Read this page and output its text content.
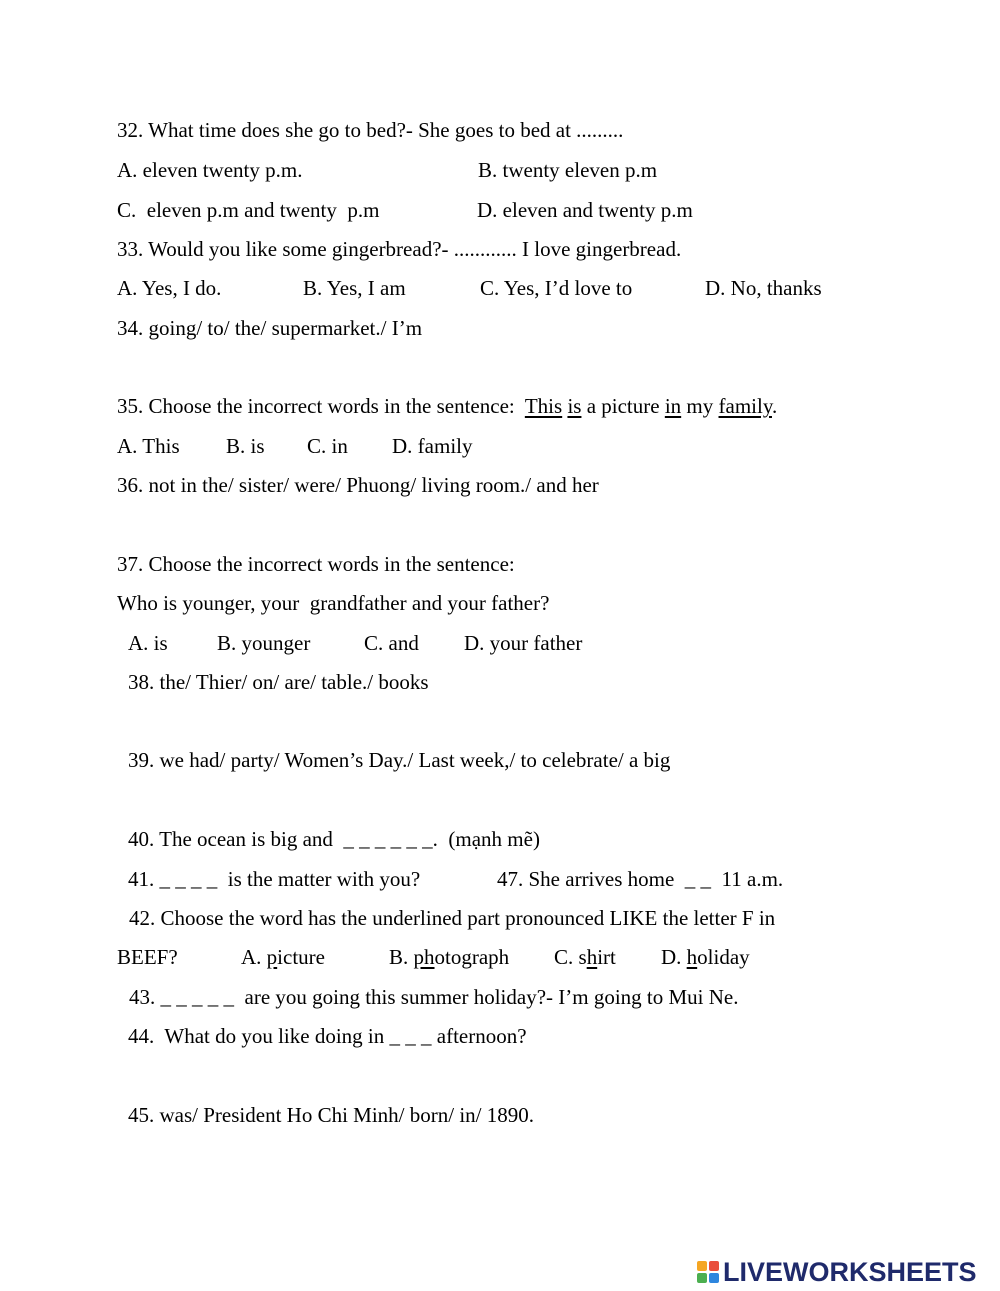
32. What time does she go to bed?- She goes to bed at .........
A. eleven twenty p.m.	B. twenty eleven p.m
C.  eleven p.m and twenty  p.m	D. eleven and twenty p.m
33. Would you like some gingerbread?- ............ I love gingerbread.
A. Yes, I do.	B. Yes, I am	C. Yes, I’d love to	D. No, thanks
34. going/ to/ the/ supermarket./ I’m
35. Choose the incorrect words in the sentence:  This is a picture in my family.
A. This B. is C. in D. family
36. not in the/ sister/ were/ Phuong/ living room./ and her
37. Choose the incorrect words in the sentence:
Who is younger, your  grandfather and your father?
A. is B. younger	C. and D. your father
38. the/ Thier/ on/ are/ table./ books
39. we had/ party/ Women’s Day./ Last week,/ to celebrate/ a big
40. The ocean is big and  _ _ _ _ _ _.  (mạnh mẽ)
41. _ _ _ _  is the matter with you?	47. She arrives home  _ _  11 a.m.
42. Choose the word has the underlined part pronounced LIKE the letter F in
BEEF?	A. picture	B. photograph C. shirt D. holiday
43. _ _ _ _ _  are you going this summer holiday?- I’m going to Mui Ne.
44.  What do you like doing in _ _ _ afternoon?
45. was/ President Ho Chi Minh/ born/ in/ 1890.
LIVEWORKSHEETS
